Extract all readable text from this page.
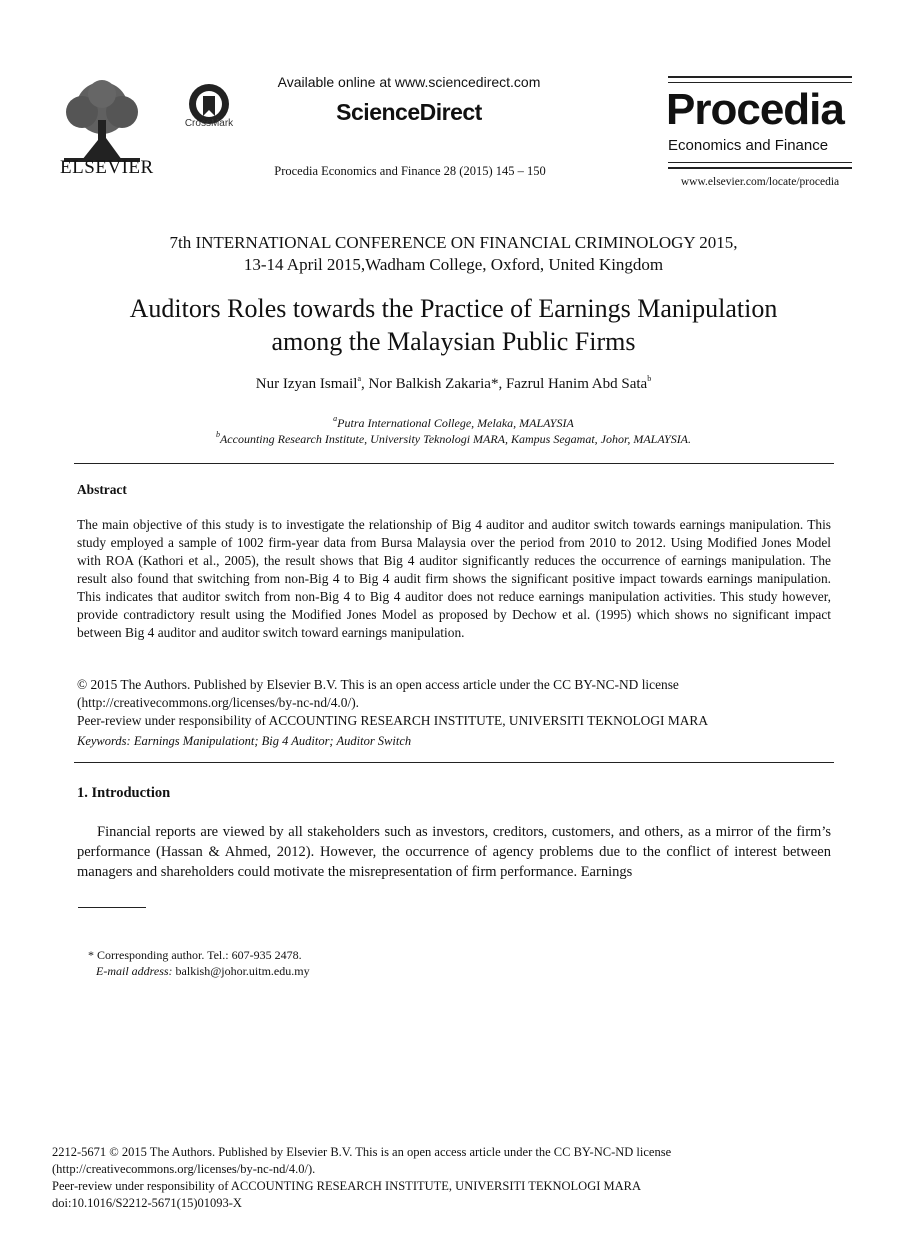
ELSEVIER
CrossMark
Available online at www.sciencedirect.com
ScienceDirect
Procedia Economics and Finance 28 (2015) 145 – 150
Procedia
Economics and Finance
www.elsevier.com/locate/procedia
7th INTERNATIONAL CONFERENCE ON FINANCIAL CRIMINOLOGY 2015,
13-14 April 2015,Wadham College, Oxford, United Kingdom
Auditors Roles towards the Practice of Earnings Manipulation
among the Malaysian Public Firms
Nur Izyan Ismail$^a$, Nor Balkish Zakaria*, Fazrul Hanim Abd Sata$^b$
$^a$Putra International College, Melaka, MALAYSIA
$^b$Accounting Research Institute, University Teknologi MARA, Kampus Segamat, Johor, MALAYSIA.
Abstract
The main objective of this study is to investigate the relationship of Big 4 auditor and auditor switch towards earnings manipulation. This study employed a sample of 1002 firm-year data from Bursa Malaysia over the period from 2010 to 2012. Using Modified Jones Model with ROA (Kathori et al., 2005), the result shows that Big 4 auditor significantly reduces the occurrence of earnings manipulation. The result also found that switching from non-Big 4 to Big 4 audit firm shows the significant positive impact towards earnings manipulation. This indicates that auditor switch from non-Big 4 to Big 4 auditor does not reduce earnings manipulation activities. This study however, provide contradictory result using the Modified Jones Model as proposed by Dechow et al. (1995) which shows no significant impact between Big 4 auditor and auditor switch toward earnings manipulation.
© 2015 The Authors. Published by Elsevier B.V. This is an open access article under the CC BY-NC-ND license
(http://creativecommons.org/licenses/by-nc-nd/4.0/).
Peer-review under responsibility of ACCOUNTING RESEARCH INSTITUTE, UNIVERSITI TEKNOLOGI MARA
Keywords: Earnings Manipulationt; Big 4 Auditor; Auditor Switch
1. Introduction
Financial reports are viewed by all stakeholders such as investors, creditors, customers, and others, as a mirror of the firm’s performance (Hassan & Ahmed, 2012). However, the occurrence of agency problems due to the conflict of interest between managers and shareholders could motivate the misrepresentation of firm performance. Earnings
* Corresponding author. Tel.: 607-935 2478.
E-mail address: balkish@johor.uitm.edu.my
2212-5671 © 2015 The Authors. Published by Elsevier B.V. This is an open access article under the CC BY-NC-ND license
(http://creativecommons.org/licenses/by-nc-nd/4.0/).
Peer-review under responsibility of ACCOUNTING RESEARCH INSTITUTE, UNIVERSITI TEKNOLOGI MARA
doi:10.1016/S2212-5671(15)01093-X
